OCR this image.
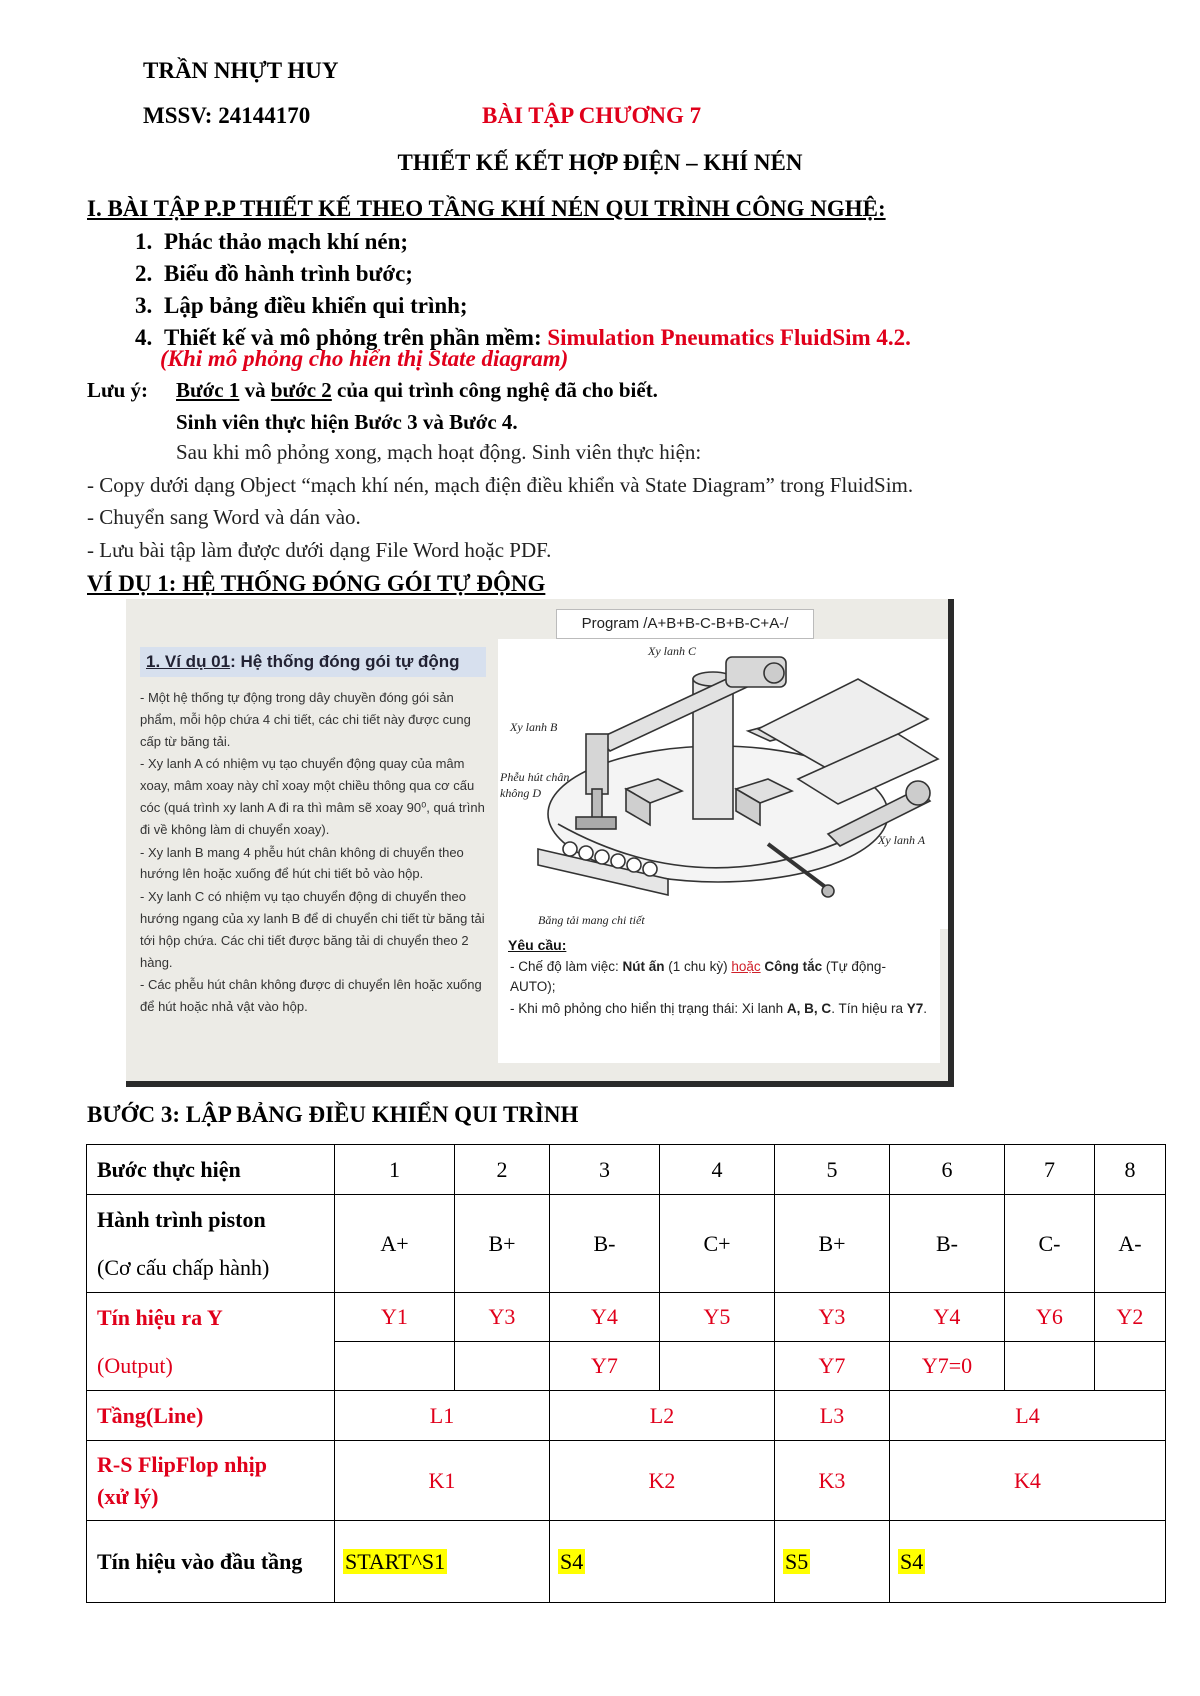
TRẦN NHỰT HUY
MSSV: 24144170	BÀI TẬP CHƯƠNG 7
THIẾT KẾ KẾT HỢP ĐIỆN – KHÍ NÉN
I. BÀI TẬP P.P THIẾT KẾ THEO TẦNG KHÍ NÉN QUI TRÌNH CÔNG NGHỆ:
1. Phác thảo mạch khí nén;
2. Biểu đồ hành trình bước;
3. Lập bảng điều khiển qui trình;
4. Thiết kế và mô phỏng trên phần mềm: Simulation Pneumatics FluidSim 4.2.
(Khi mô phỏng cho hiển thị State diagram)
Lưu ý: Bước 1 và bước 2 của qui trình công nghệ đã cho biết.
Sinh viên thực hiện Bước 3 và Bước 4.
Sau khi mô phỏng xong, mạch hoạt động. Sinh viên thực hiện:
- Copy dưới dạng Object “mạch khí nén, mạch điện điều khiển và State Diagram” trong FluidSim.
- Chuyển sang Word và dán vào.
- Lưu bài tập làm được dưới dạng File Word hoặc PDF.
VÍ DỤ 1: HỆ THỐNG ĐÓNG GÓI TỰ ĐỘNG
Program /A+B+B-C-B+B-C+A-/
1. Ví dụ 01: Hệ thống đóng gói tự động

- Một hệ thống tự động trong dây chuyền đóng gói sản phẩm, mỗi hộp chứa 4 chi tiết, các chi tiết này được cung cấp từ băng tải.

- Xy lanh A có nhiệm vụ tạo chuyển động quay của mâm xoay, mâm xoay này chỉ xoay một chiều thông qua cơ cấu cóc (quá trình xy lanh A đi ra thì mâm sẽ xoay 90⁰, quá trình đi về không làm di chuyển xoay).

- Xy lanh B mang 4 phễu hút chân không di chuyển theo hướng lên hoặc xuống để hút chi tiết bỏ vào hộp.

- Xy lanh C có nhiệm vụ tạo chuyển động di chuyển theo hướng ngang của xy lanh B để di chuyển chi tiết từ băng tải tới hộp chứa. Các chi tiết được băng tải di chuyển theo 2 hàng.

- Các phễu hút chân không được di chuyển lên hoặc xuống để hút hoặc nhả vật vào hộp.

Xy lanh C
Xy lanh B
Phễu hút chân
không D
Xy lanh A
Băng tải mang chi tiết
Yêu cầu:
- Chế độ làm việc: Nút ấn (1 chu kỳ) hoặc Công tắc (Tự động-AUTO);
- Khi mô phỏng cho hiển thị trạng thái: Xi lanh A, B, C. Tín hiệu ra Y7.
BƯỚC 3: LẬP BẢNG ĐIỀU KHIỂN QUI TRÌNH
Bước thực hiện	1	2	3	4	5	6	7	8

Hành trình piston
(Cơ cấu chấp hành)	A+	B+	B-	C+	B+	B-	C-	A-

Tín hiệu ra Y
(Output)	Y1	Y3	Y4	Y5	Y3	Y4	Y6	Y2
			Y7		Y7	Y7=0		
Tầng(Line)	L1		L2		L3	L4		

R-S FlipFlop nhịp
(xử lý)	K1		K2		K3	K4		
Tín hiệu vào đầu tầng	START^S1		S4		S5	S4		
